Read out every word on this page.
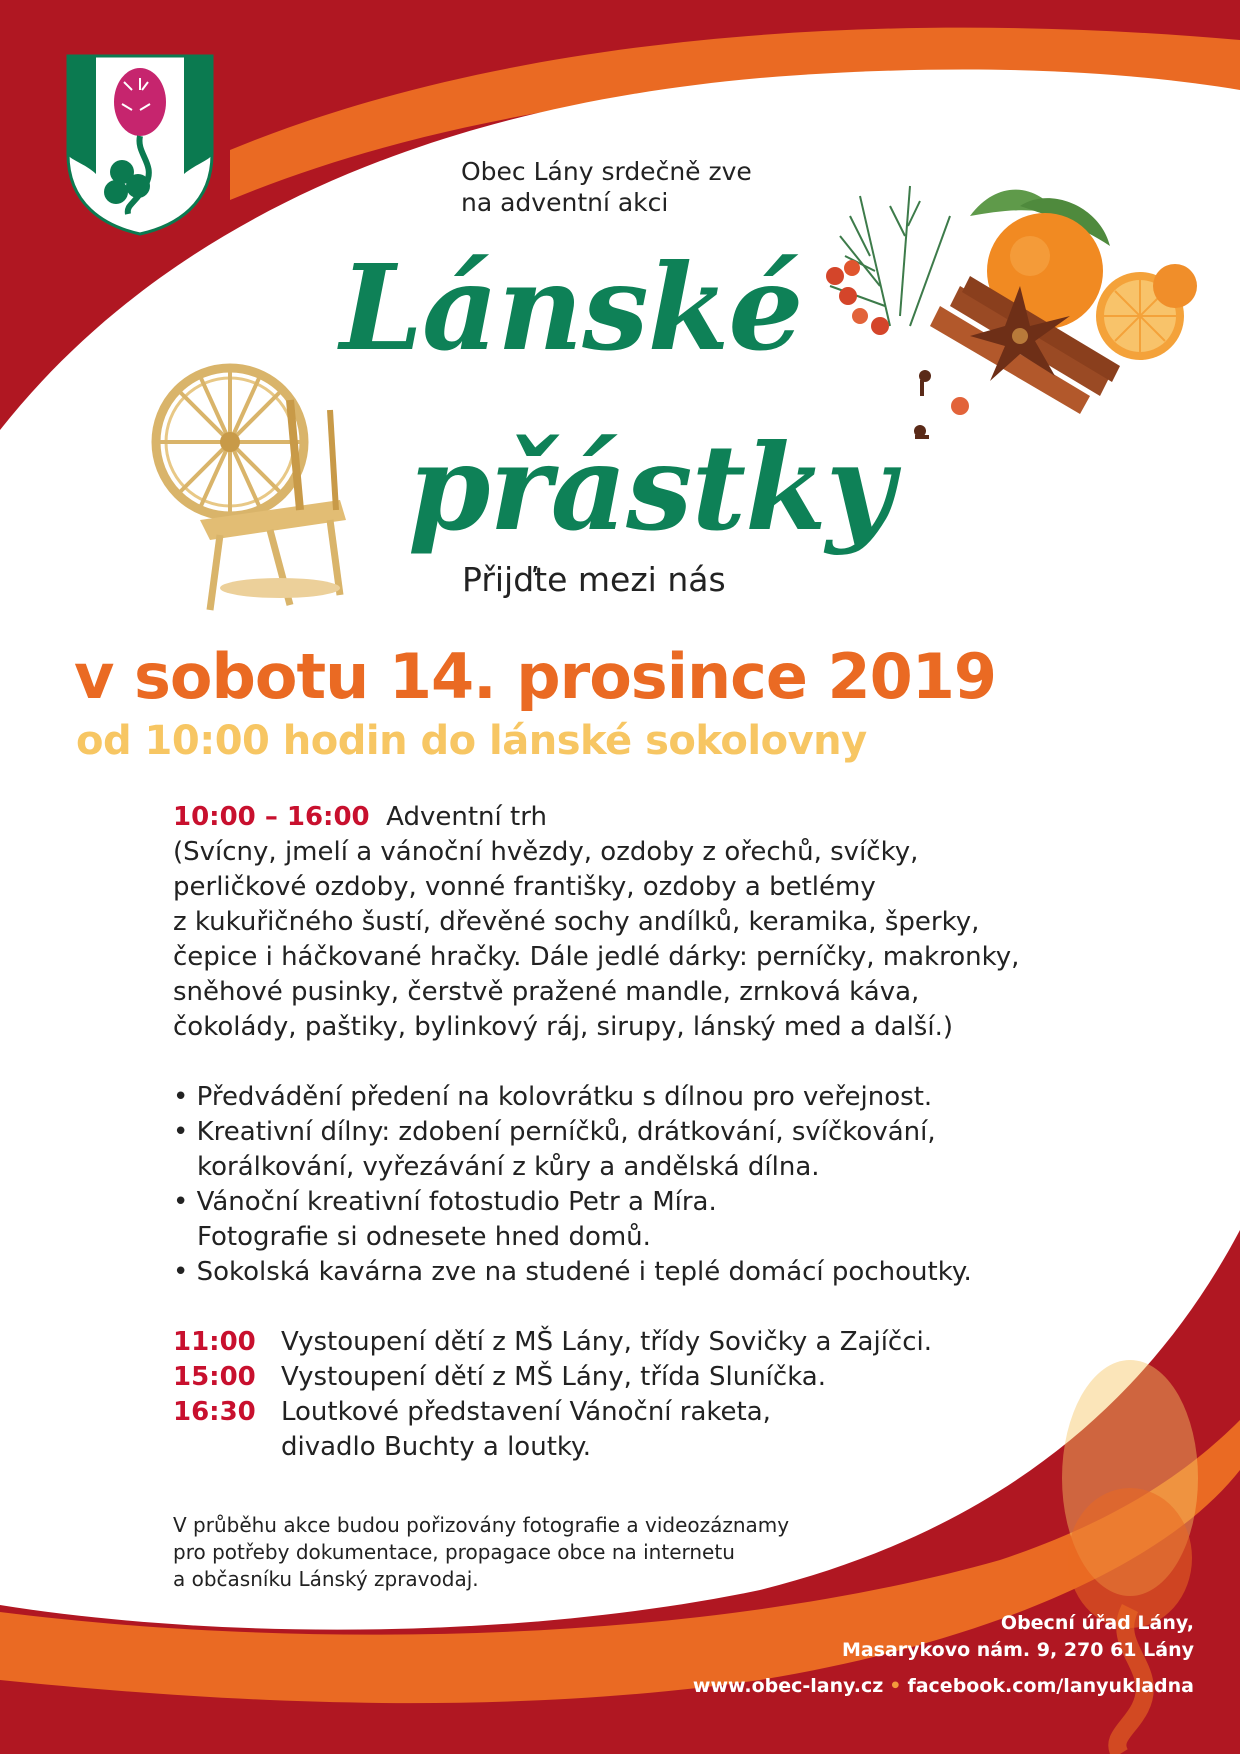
Obec Lány srdečně zve
na adventní akci
Lánské
přástky
Přijďte mezi nás
v sobotu 14. prosince 2019
od 10:00 hodin do lánské sokolovny

10:00 – 16:00 Adventní trh

(Svícny, jmelí a vánoční hvězdy, ozdoby z ořechů, svíčky,

perličkové ozdoby, vonné františky, ozdoby a betlémy

z kukuřičného šustí, dřevěné sochy andílků, keramika, šperky,

čepice i háčkované hračky. Dále jedlé dárky: perníčky, makronky,

sněhové pusinky, čerstvě pražené mandle, zrnková káva,

čokolády, paštiky, bylinkový ráj, sirupy, lánský med a další.)

• Předvádění předení na kolovrátku s dílnou pro veřejnost.

• Kreativní dílny: zdobení perníčků, drátkování, svíčkování,

korálkování, vyřezávání z kůry a andělská dílna.

• Vánoční kreativní fotostudio Petr a Míra.

Fotografie si odnesete hned domů.

• Sokolská kavárna zve na studené i teplé domácí pochoutky.

11:00 Vystoupení dětí z MŠ Lány, třídy Sovičky a Zajíčci.
15:00 Vystoupení dětí z MŠ Lány, třída Sluníčka.
16:30 Loutkové představení Vánoční raketa,
divadlo Buchty a loutky.
V průběhu akce budou pořizovány fotografie a videozáznamy
pro potřeby dokumentace, propagace obce na internetu
a občasníku Lánský zpravodaj.
Obecní úřad Lány,
Masarykovo nám. 9, 270 61 Lány
www.obec-lany.cz • facebook.com/lanyukladna
